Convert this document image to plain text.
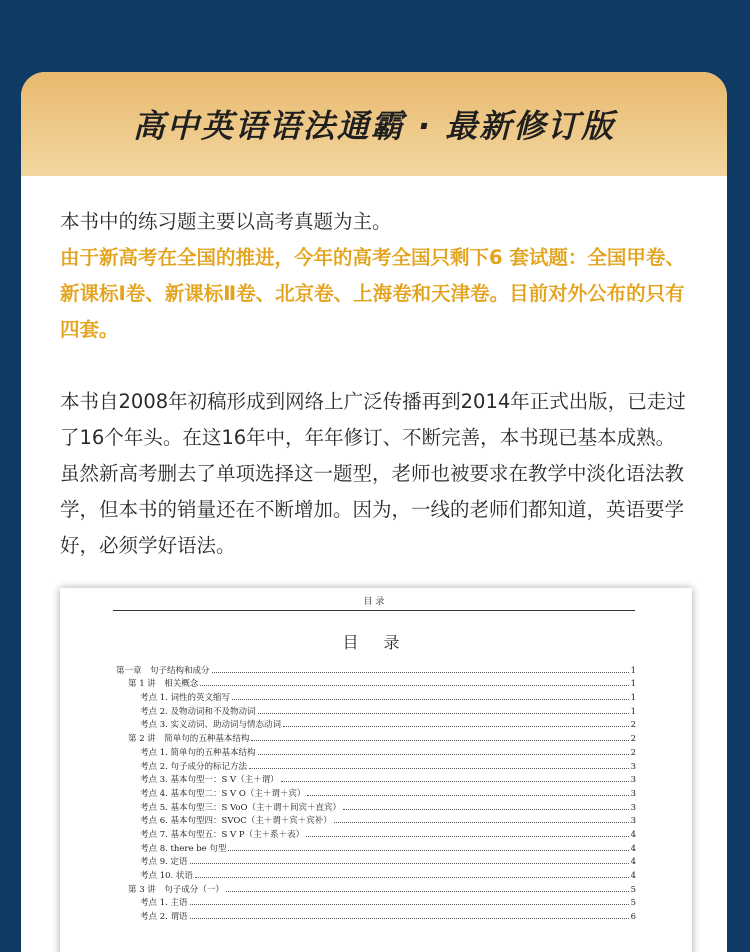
高中英语语法通霸 · 最新修订版

本书中的练习题主要以高考真题为主。

由于新高考在全国的推进，今年的高考全国只剩下6 套试题：全国甲卷、新课标Ⅰ卷、新课标Ⅱ卷、北京卷、上海卷和天津卷。目前对外公布的只有四套。

本书自2008年初稿形成到网络上广泛传播再到2014年正式出版，已走过了16个年头。在这16年中，年年修订、不断完善，本书现已基本成熟。虽然新高考删去了单项选择这一题型，老师也被要求在教学中淡化语法教学，但本书的销量还在不断增加。因为，一线的老师们都知道，英语要学好，必须学好语法。

目 录
目 录
第一章　句子结构和成分	1
第 1 讲　相关概念	1
考点 1. 词性的英文缩写	1
考点 2. 及物动词和不及物动词	1
考点 3. 实义动词、助动词与情态动词	2
第 2 讲　简单句的五种基本结构	2
考点 1. 简单句的五种基本结构	2
考点 2. 句子成分的标记方法	3
考点 3. 基本句型一：S V（主＋谓）	3
考点 4. 基本句型二：S V O（主＋谓＋宾）	3
考点 5. 基本句型三：S VoO（主＋谓＋间宾＋直宾）	3
考点 6. 基本句型四：SVOC（主＋谓＋宾＋宾补）	3
考点 7. 基本句型五：S V P（主＋系＋表）	4
考点 8. there be 句型	4
考点 9. 定语	4
考点 10. 状语	4
第 3 讲　句子成分（一）	5
考点 1. 主语	5
考点 2. 谓语	6
